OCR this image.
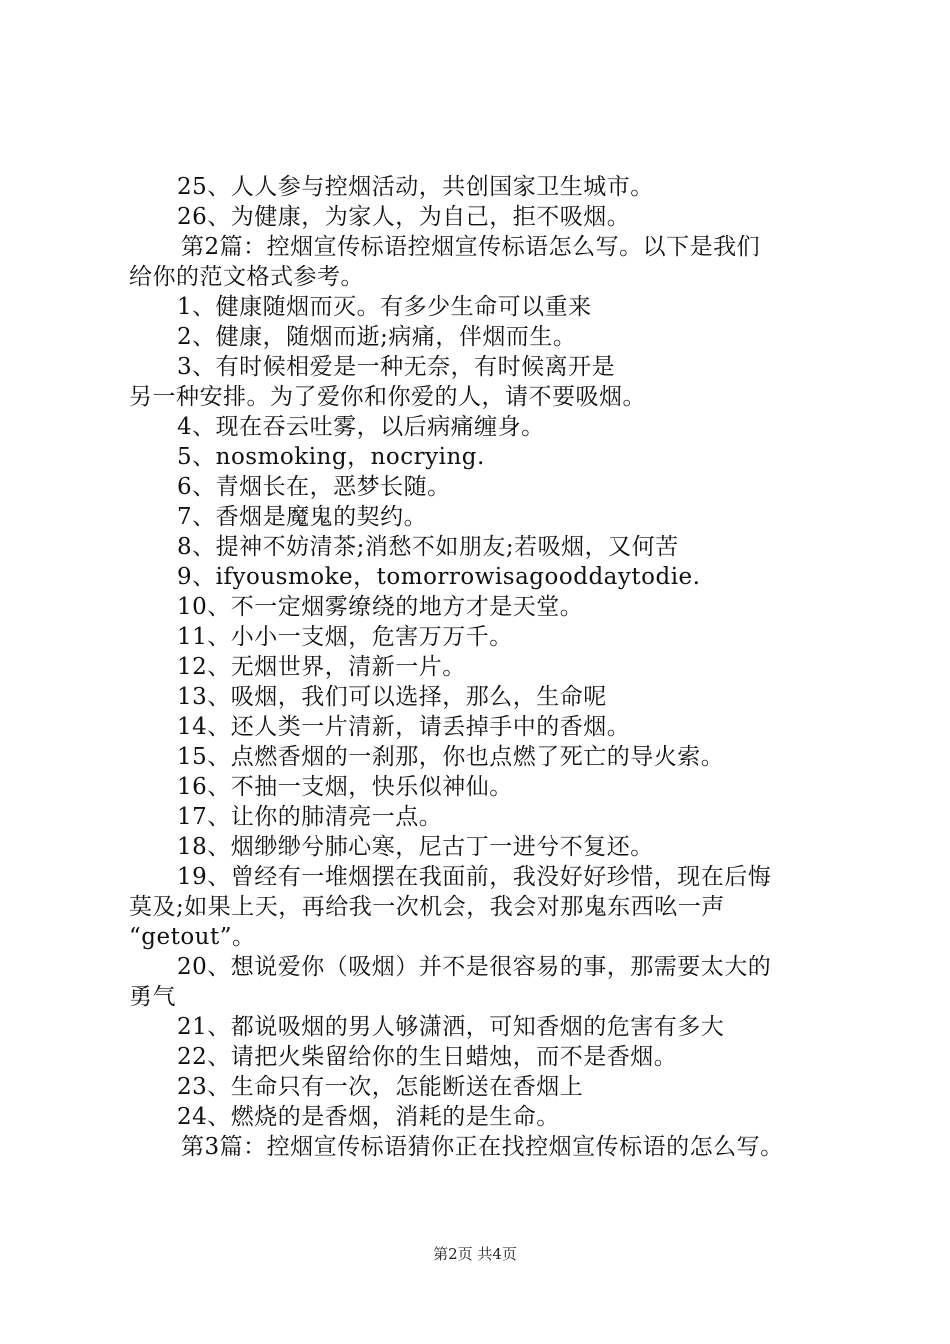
25、人人参与控烟活动，共创国家卫生城市。
26、为健康，为家人，为自己，拒不吸烟。
第2篇：控烟宣传标语控烟宣传标语怎么写。以下是我们
给你的范文格式参考。
1、健康随烟而灭。有多少生命可以重来
2、健康，随烟而逝;病痛，伴烟而生。
3、有时候相爱是一种无奈，有时候离开是
另一种安排。为了爱你和你爱的人，请不要吸烟。
4、现在吞云吐雾，以后病痛缠身。
5、nosmoking，nocrying.
6、青烟长在，恶梦长随。
7、香烟是魔鬼的契约。
8、提神不妨清茶;消愁不如朋友;若吸烟，又何苦
9、ifyousmoke，tomorrowisagooddaytodie.
10、不一定烟雾缭绕的地方才是天堂。
11、小小一支烟，危害万万千。
12、无烟世界，清新一片。
13、吸烟，我们可以选择，那么，生命呢
14、还人类一片清新，请丢掉手中的香烟。
15、点燃香烟的一刹那，你也点燃了死亡的导火索。
16、不抽一支烟，快乐似神仙。
17、让你的肺清亮一点。
18、烟缈缈兮肺心寒，尼古丁一进兮不复还。
19、曾经有一堆烟摆在我面前，我没好好珍惜，现在后悔
莫及;如果上天，再给我一次机会，我会对那鬼东西吆一声
“getout”。
20、想说爱你（吸烟）并不是很容易的事，那需要太大的
勇气
21、都说吸烟的男人够潇洒，可知香烟的危害有多大
22、请把火柴留给你的生日蜡烛，而不是香烟。
23、生命只有一次，怎能断送在香烟上
24、燃烧的是香烟，消耗的是生命。
第3篇：控烟宣传标语猜你正在找控烟宣传标语的怎么写。
第2页 共4页
